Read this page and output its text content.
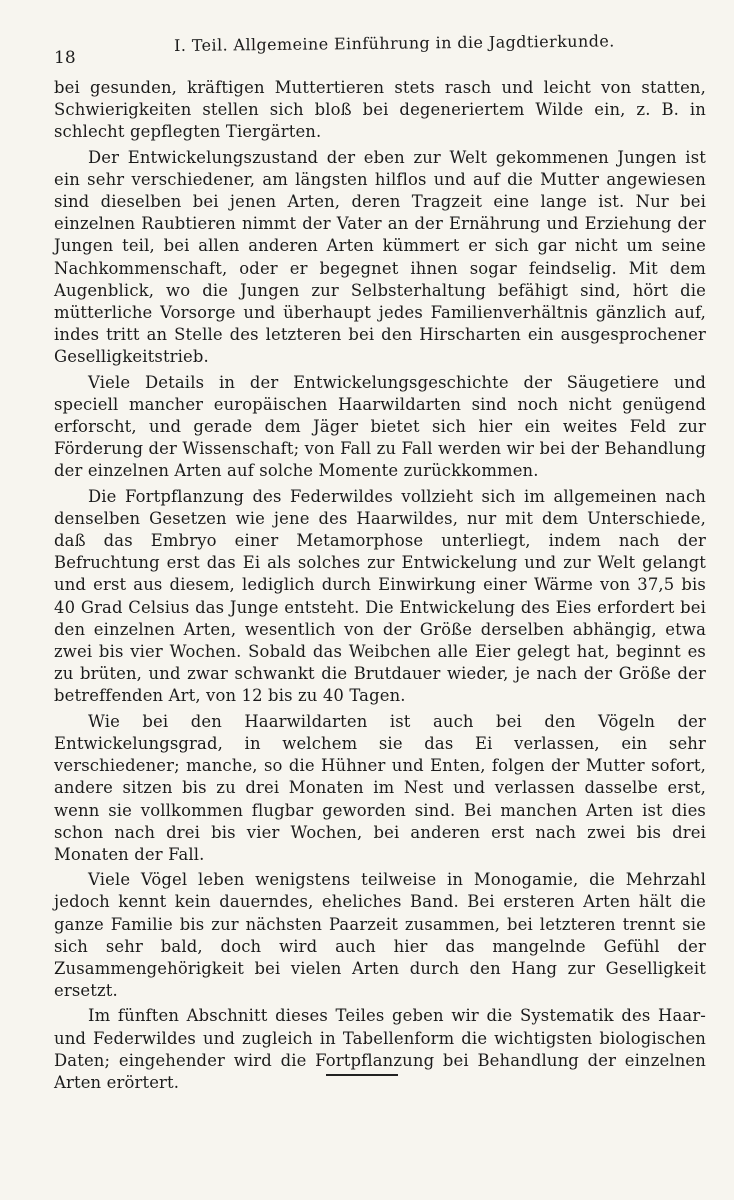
18
I. Teil. Allgemeine Einführung in die Jagdtierkunde.

bei gesunden, kräftigen Muttertieren stets rasch und leicht von statten, Schwierigkeiten stellen sich bloß bei degeneriertem Wilde ein, z. B. in schlecht gepflegten Tiergärten.

Der Entwickelungszustand der eben zur Welt gekommenen Jungen ist ein sehr verschiedener, am längsten hilflos und auf die Mutter angewiesen sind dieselben bei jenen Arten, deren Tragzeit eine lange ist. Nur bei einzelnen Raubtieren nimmt der Vater an der Ernährung und Erziehung der Jungen teil, bei allen anderen Arten kümmert er sich gar nicht um seine Nachkommenschaft, oder er begegnet ihnen sogar feindselig. Mit dem Augenblick, wo die Jungen zur Selbsterhaltung befähigt sind, hört die mütterliche Vorsorge und überhaupt jedes Familienverhältnis gänzlich auf, indes tritt an Stelle des letzteren bei den Hirscharten ein ausgesprochener Geselligkeitstrieb.

Viele Details in der Entwickelungsgeschichte der Säugetiere und speciell mancher europäischen Haarwildarten sind noch nicht genügend erforscht, und gerade dem Jäger bietet sich hier ein weites Feld zur Förderung der Wissenschaft; von Fall zu Fall werden wir bei der Behandlung der einzelnen Arten auf solche Momente zurückkommen.

Die Fortpflanzung des Federwildes vollzieht sich im allgemeinen nach denselben Gesetzen wie jene des Haarwildes, nur mit dem Unterschiede, daß das Embryo einer Metamorphose unterliegt, indem nach der Befruchtung erst das Ei als solches zur Entwickelung und zur Welt gelangt und erst aus diesem, lediglich durch Einwirkung einer Wärme von 37,5 bis 40 Grad Celsius das Junge entsteht. Die Entwickelung des Eies erfordert bei den einzelnen Arten, wesentlich von der Größe derselben abhängig, etwa zwei bis vier Wochen. Sobald das Weibchen alle Eier gelegt hat, beginnt es zu brüten, und zwar schwankt die Brutdauer wieder, je nach der Größe der betreffenden Art, von 12 bis zu 40 Tagen.

Wie bei den Haarwildarten ist auch bei den Vögeln der Entwickelungsgrad, in welchem sie das Ei verlassen, ein sehr verschiedener; manche, so die Hühner und Enten, folgen der Mutter sofort, andere sitzen bis zu drei Monaten im Nest und verlassen dasselbe erst, wenn sie vollkommen flugbar geworden sind. Bei manchen Arten ist dies schon nach drei bis vier Wochen, bei anderen erst nach zwei bis drei Monaten der Fall.

Viele Vögel leben wenigstens teilweise in Monogamie, die Mehrzahl jedoch kennt kein dauerndes, eheliches Band. Bei ersteren Arten hält die ganze Familie bis zur nächsten Paarzeit zusammen, bei letzteren trennt sie sich sehr bald, doch wird auch hier das mangelnde Gefühl der Zusammengehörigkeit bei vielen Arten durch den Hang zur Geselligkeit ersetzt.

Im fünften Abschnitt dieses Teiles geben wir die Systematik des Haar- und Federwildes und zugleich in Tabellenform die wichtigsten biologischen Daten; eingehender wird die Fortpflanzung bei Behandlung der einzelnen Arten erörtert.
